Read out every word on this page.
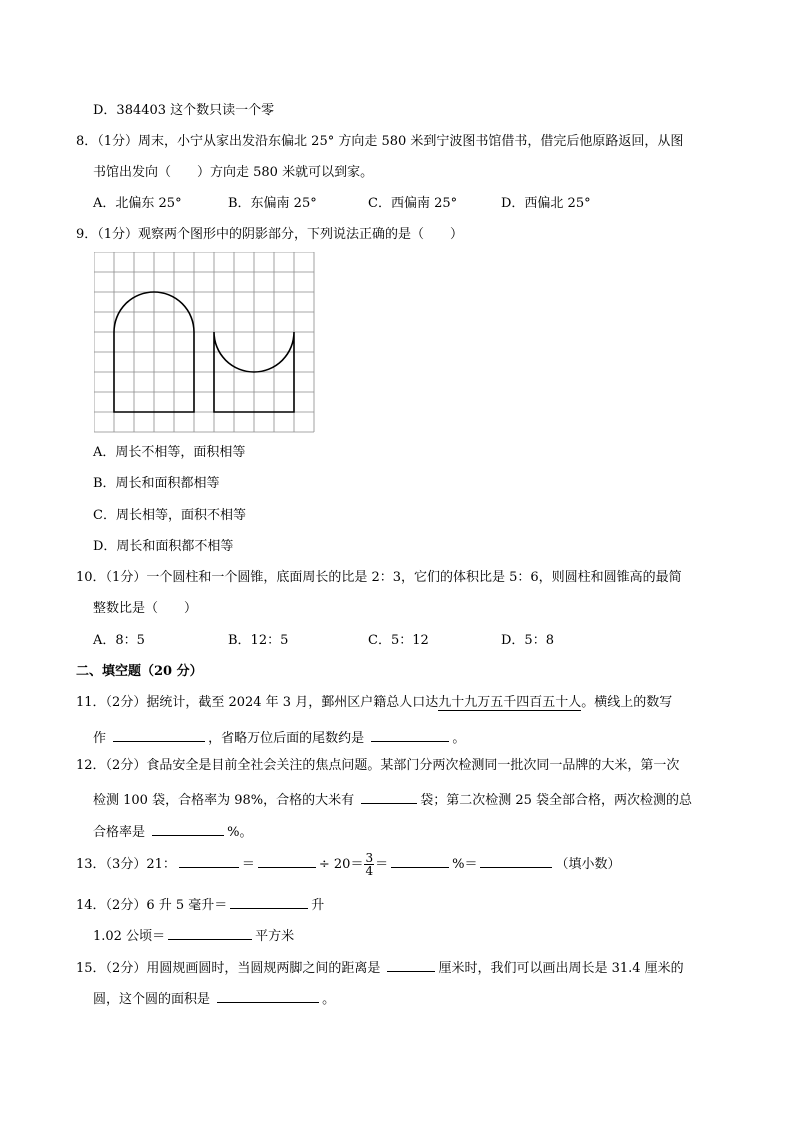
D．384403 这个数只读一个零
8．（1分）周末，小宁从家出发沿东偏北 25° 方向走 580 米到宁波图书馆借书，借完后他原路返回，从图
书馆出发向（　　）方向走 580 米就可以到家。
A．北偏东 25°	B．东偏南 25°	C．西偏南 25°	D．西偏北 25°
9．（1分）观察两个图形中的阴影部分，下列说法正确的是（　　）
A．周长不相等，面积相等
B．周长和面积都相等
C．周长相等，面积不相等
D．周长和面积都不相等
10．（1分）一个圆柱和一个圆锥，底面周长的比是 2：3，它们的体积比是 5：6，则圆柱和圆锥高的最简
整数比是（　　）
A．8：5	B．12：5	C．5：12	D．5：8
二、填空题（20 分）
11．（2分）据统计，截至 2024 年 3 月，鄞州区户籍总人口达九十九万五千四百五十人。横线上的数写
作	，省略万位后面的尾数约是	。
12．（2分）食品安全是目前全社会关注的焦点问题。某部门分两次检测同一批次同一品牌的大米，第一次
检测 100 袋，合格率为 98%，合格的大米有	袋；第二次检测 25 袋全部合格，两次检测的总
合格率是	%。
13．（3分）21：	＝	÷ $20= \frac{3}{4}$ ＝	%＝	（填小数）
14．（2分）6 升 5 毫升＝	升
1.02 公顷＝	平方米
15．（2分）用圆规画圆时，当圆规两脚之间的距离是	厘米时，我们可以画出周长是 31.4 厘米的
圆，这个圆的面积是	。
